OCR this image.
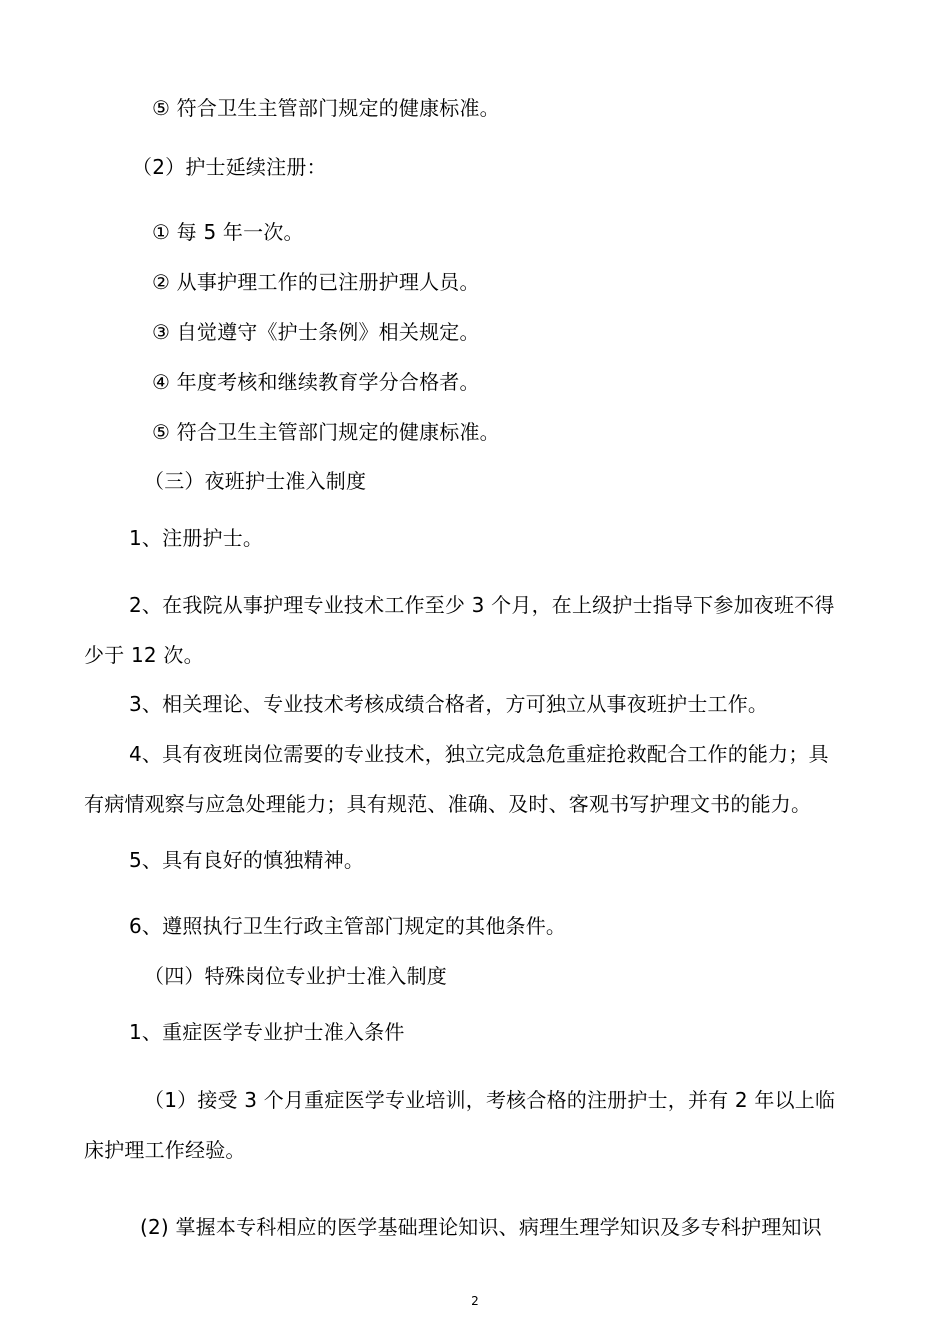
⑤ 符合卫生主管部门规定的健康标准。
（2）护士延续注册：
① 每 5 年一次。
② 从事护理工作的已注册护理人员。
③ 自觉遵守《护士条例》相关规定。
④ 年度考核和继续教育学分合格者。
⑤ 符合卫生主管部门规定的健康标准。
（三）夜班护士准入制度
1、注册护士。
2、在我院从事护理专业技术工作至少 3 个月，在上级护士指导下参加夜班不得
少于 12 次。
3、相关理论、专业技术考核成绩合格者，方可独立从事夜班护士工作。
4、具有夜班岗位需要的专业技术，独立完成急危重症抢救配合工作的能力；具
有病情观察与应急处理能力；具有规范、准确、及时、客观书写护理文书的能力。
5、具有良好的慎独精神。
6、遵照执行卫生行政主管部门规定的其他条件。
（四）特殊岗位专业护士准入制度
1、重症医学专业护士准入条件
（1）接受 3 个月重症医学专业培训，考核合格的注册护士，并有 2 年以上临
床护理工作经验。
(2) 掌握本专科相应的医学基础理论知识、病理生理学知识及多专科护理知识
2
